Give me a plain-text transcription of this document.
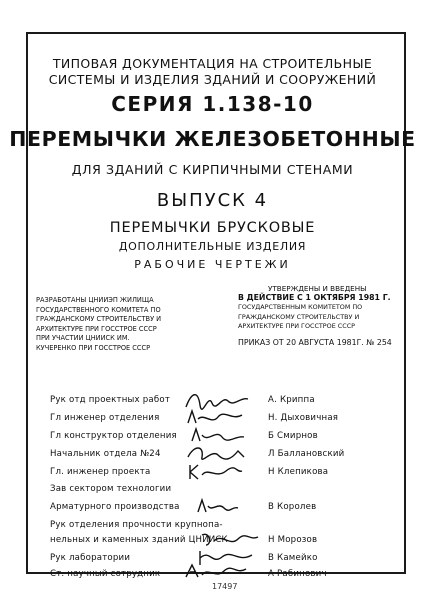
ТИПОВАЯ ДОКУМЕНТАЦИЯ НА СТРОИТЕЛЬНЫЕ
СИСТЕМЫ И ИЗДЕЛИЯ ЗДАНИЙ И СООРУЖЕНИЙ
СЕРИЯ 1.138-10
ПЕРЕМЫЧКИ ЖЕЛЕЗОБЕТОННЫЕ
ДЛЯ ЗДАНИЙ С КИРПИЧНЫМИ СТЕНАМИ
ВЫПУСК 4
ПЕРЕМЫЧКИ БРУСКОВЫЕ
ДОПОЛНИТЕЛЬНЫЕ ИЗДЕЛИЯ
РАБОЧИЕ ЧЕРТЕЖИ
РАЗРАБОТАНЫ ЦНИИЭП ЖИЛИЩА
ГОСУДАРСТВЕННОГО КОМИТЕТА ПО
ГРАЖДАНСКОМУ СТРОИТЕЛЬСТВУ И
АРХИТЕКТУРЕ ПРИ ГОССТРОЕ СССР
ПРИ УЧАСТИИ ЦНИИСК ИМ.
КУЧЕРЕНКО ПРИ ГОССТРОЕ СССР
УТВЕРЖДЕНЫ И ВВЕДЕНЫ
В ДЕЙСТВИЕ С 1 ОКТЯБРЯ 1981 Г.
ГОСУДАРСТВЕННЫМ КОМИТЕТОМ ПО
ГРАЖДАНСКОМУ СТРОИТЕЛЬСТВУ И
АРХИТЕКТУРЕ ПРИ ГОССТРОЕ СССР
ПРИКАЗ ОТ 20 АВГУСТА 1981Г. № 254
Рук отд проектных работ	А. Криппа
Гл инженер отделения	Н. Дыховичная
Гл конструктор отделения	Б Смирнов
Начальник отдела №24	Л Баллановский
Гл. инженер проекта	Н Клепикова
Зав сектором технологии
Арматурного производства	В Королев
Рук отделения прочности крупнопа-
нельных и каменных зданий ЦНИИСК	Н Морозов
Рук лаборатории	В Камейко
Ст. научный сотрудник	А Рабинович
17497
